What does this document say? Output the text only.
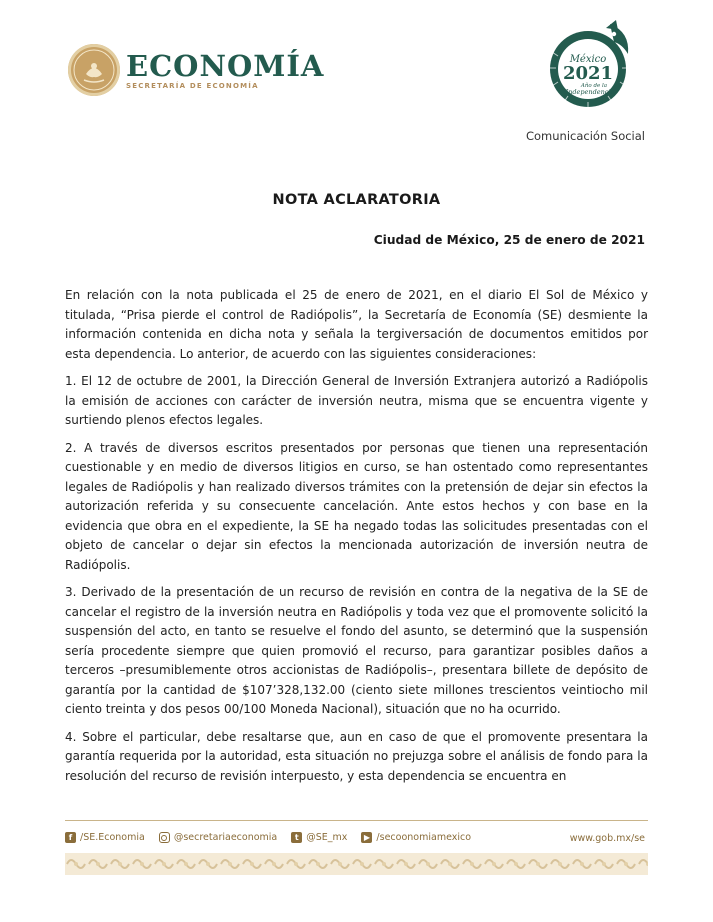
ECONOMÍA
SECRETARÍA DE ECONOMÍA
México
2021
Año de la
Independencia
Comunicación Social
NOTA ACLARATORIA
Ciudad de México, 25 de enero de 2021

En relación con la nota publicada el 25 de enero de 2021, en el diario El Sol de México y titulada, “Prisa pierde el control de Radiópolis”, la Secretaría de Economía (SE) desmiente la información contenida en dicha nota y señala la tergiversación de documentos emitidos por esta dependencia. Lo anterior, de acuerdo con las siguientes consideraciones:

1. El 12 de octubre de 2001, la Dirección General de Inversión Extranjera autorizó a Radiópolis la emisión de acciones con carácter de inversión neutra, misma que se encuentra vigente y surtiendo plenos efectos legales.

2. A través de diversos escritos presentados por personas que tienen una representación cuestionable y en medio de diversos litigios en curso, se han ostentado como representantes legales de Radiópolis y han realizado diversos trámites con la pretensión de dejar sin efectos la autorización referida y su consecuente cancelación. Ante estos hechos y con base en la evidencia que obra en el expediente, la SE ha negado todas las solicitudes presentadas con el objeto de cancelar o dejar sin efectos la mencionada autorización de inversión neutra de Radiópolis.

3. Derivado de la presentación de un recurso de revisión en contra de la negativa de la SE de cancelar el registro de la inversión neutra en Radiópolis y toda vez que el promovente solicitó la suspensión del acto, en tanto se resuelve el fondo del asunto, se determinó que la suspensión sería procedente siempre que quien promovió el recurso, para garantizar posibles daños a terceros –presumiblemente otros accionistas de Radiópolis–, presentara billete de depósito de garantía por la cantidad de $107’328,132.00 (ciento siete millones trescientos veintiocho mil ciento treinta y dos pesos 00/100 Moneda Nacional), situación que no ha ocurrido.

4. Sobre el particular, debe resaltarse que, aun en caso de que el promovente presentara la garantía requerida por la autoridad, esta situación no prejuzga sobre el análisis de fondo para la resolución del recurso de revisión interpuesto, y esta dependencia se encuentra en

f /SE.Economia	@secretariaeconomia	t @SE_mx	▶ /secoonomiamexico	www.gob.mx/se
